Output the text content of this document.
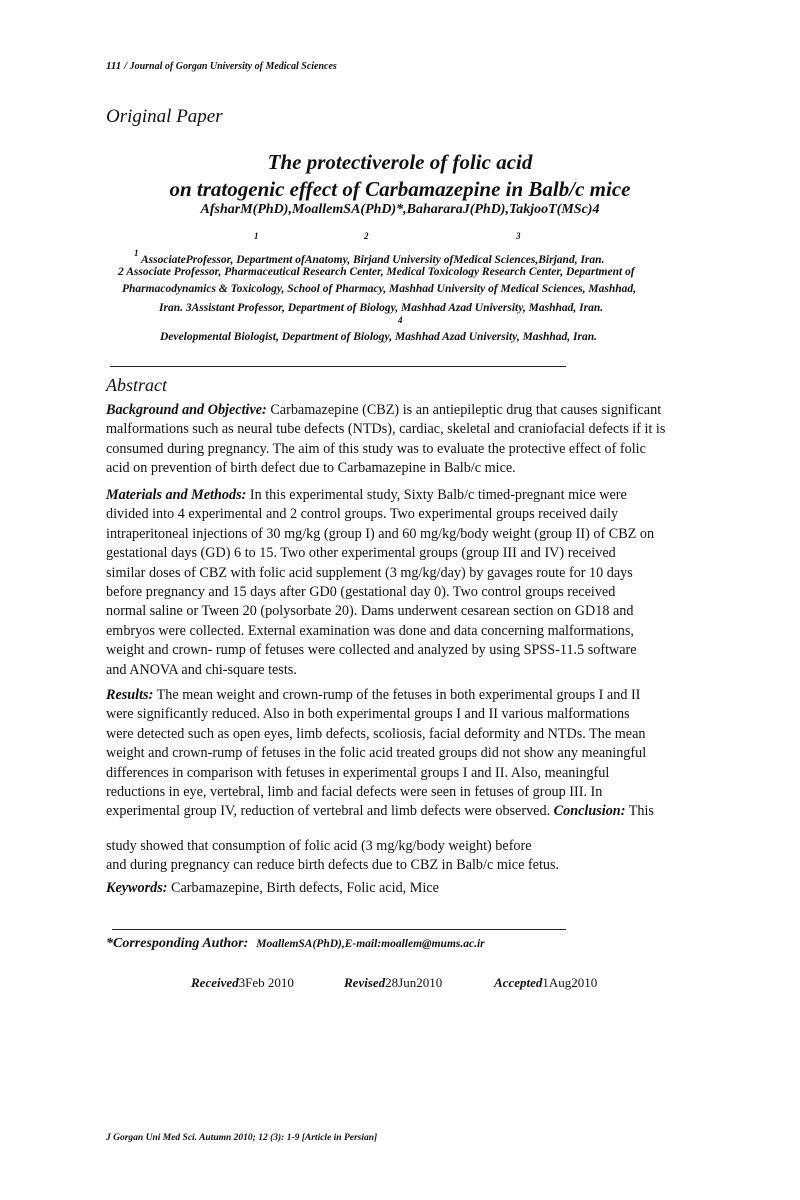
111 / Journal of Gorgan University of Medical Sciences
Original Paper
The protectiverole of folic acid
on tratogenic effect of Carbamazepine in Balb/c mice
AfsharM(PhD),MoallemSA(PhD)*,BahararaJ(PhD),TakjooT(MSc)4
1	2	3
1
AssociateProfessor, Department ofAnatomy, Birjand University ofMedical Sciences,Birjand, Iran.
2 Associate Professor, Pharmaceutical Research Center, Medical Toxicology Research Center, Department of
Pharmacodynamics & Toxicology, School of Pharmacy, Mashhad University of Medical Sciences, Mashhad,
Iran. 3Assistant Professor, Department of Biology, Mashhad Azad University, Mashhad, Iran.
4
Developmental Biologist, Department of Biology, Mashhad Azad University, Mashhad, Iran.
Abstract
Background and Objective: Carbamazepine (CBZ) is an antiepileptic drug that causes significant
malformations such as neural tube defects (NTDs), cardiac, skeletal and craniofacial defects if it is
consumed during pregnancy. The aim of this study was to evaluate the protective effect of folic
acid on prevention of birth defect due to Carbamazepine in Balb/c mice.
Materials and Methods: In this experimental study, Sixty Balb/c timed-pregnant mice were
divided into 4 experimental and 2 control groups. Two experimental groups received daily
intraperitoneal injections of 30 mg/kg (group I) and 60 mg/kg/body weight (group II) of CBZ on
gestational days (GD) 6 to 15. Two other experimental groups (group III and IV) received
similar doses of CBZ with folic acid supplement (3 mg/kg/day) by gavages route for 10 days
before pregnancy and 15 days after GD0 (gestational day 0). Two control groups received
normal saline or Tween 20 (polysorbate 20). Dams underwent cesarean section on GD18 and
embryos were collected. External examination was done and data concerning malformations,
weight and crown- rump of fetuses were collected and analyzed by using SPSS-11.5 software
and ANOVA and chi-square tests.
Results: The mean weight and crown-rump of the fetuses in both experimental groups I and II
were significantly reduced. Also in both experimental groups I and II various malformations
were detected such as open eyes, limb defects, scoliosis, facial deformity and NTDs. The mean
weight and crown-rump of fetuses in the folic acid treated groups did not show any meaningful
differences in comparison with fetuses in experimental groups I and II. Also, meaningful
reductions in eye, vertebral, limb and facial defects were seen in fetuses of group III. In
experimental group IV, reduction of vertebral and limb defects were observed. Conclusion: This
study showed that consumption of folic acid (3 mg/kg/body weight) before
and during pregnancy can reduce birth defects due to CBZ in Balb/c mice fetus.
Keywords: Carbamazepine, Birth defects, Folic acid, Mice
*Corresponding Author: MoallemSA(PhD),E-mail:moallem@mums.ac.ir
Received3Feb 2010	Revised28Jun2010	Accepted1Aug2010
J Gorgan Uni Med Sci. Autumn 2010; 12 (3): 1-9 [Article in Persian]
